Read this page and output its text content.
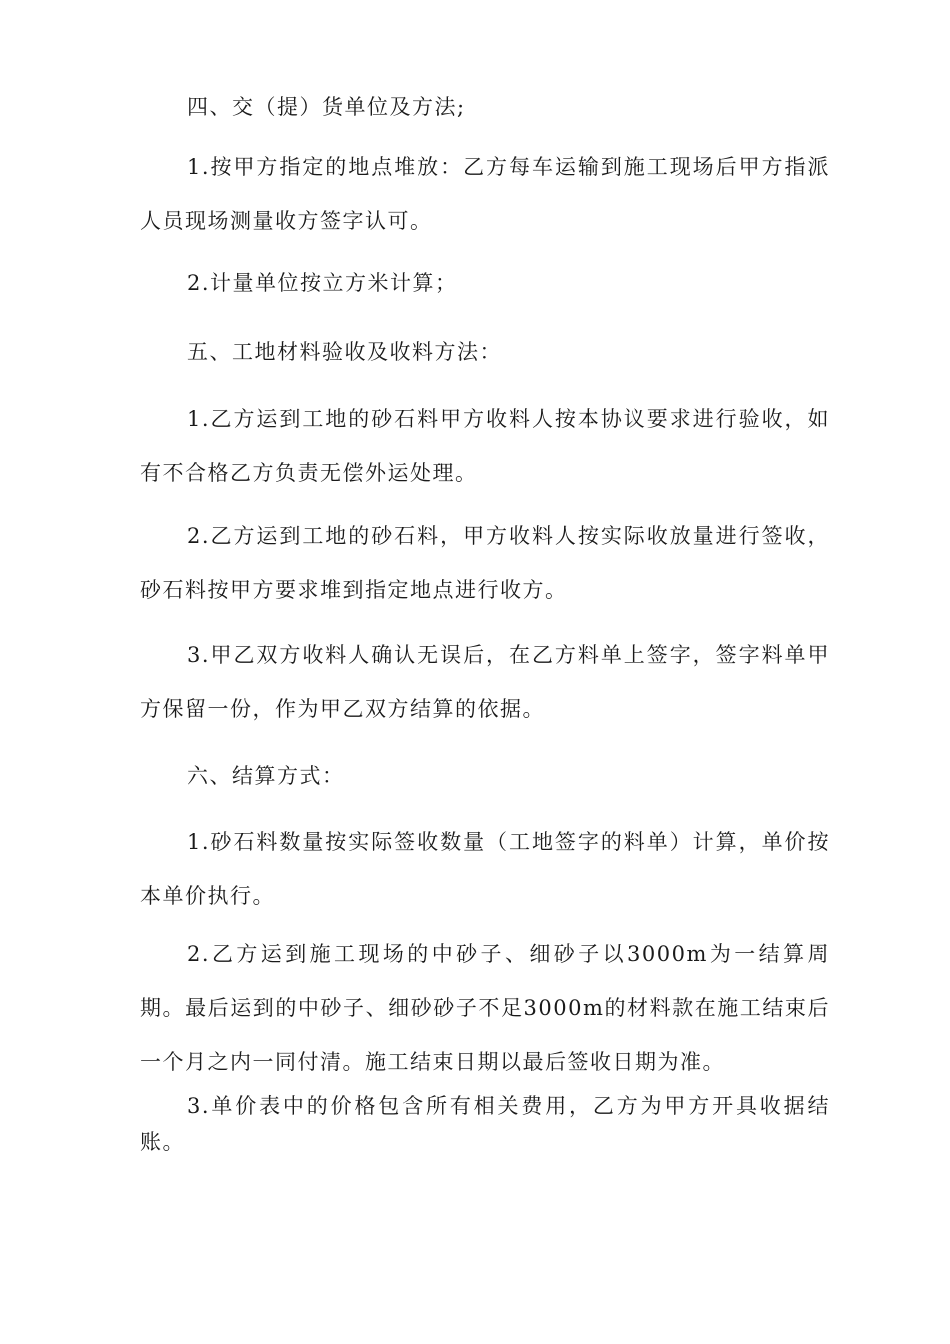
四、交（提）货单位及方法;
1.按甲方指定的地点堆放：乙方每车运输到施工现场后甲方指派人员现场测量收方签字认可。
2.计量单位按立方米计算；
五、工地材料验收及收料方法：
1.乙方运到工地的砂石料甲方收料人按本协议要求进行验收，如有不合格乙方负责无偿外运处理。
2.乙方运到工地的砂石料，甲方收料人按实际收放量进行签收，砂石料按甲方要求堆到指定地点进行收方。
3.甲乙双方收料人确认无误后，在乙方料单上签字，签字料单甲方保留一份，作为甲乙双方结算的依据。
六、结算方式：
1.砂石料数量按实际签收数量（工地签字的料单）计算，单价按本单价执行。
2.乙方运到施工现场的中砂子、细砂子以3000m为一结算周期。最后运到的中砂子、细砂砂子不足3000m的材料款在施工结束后一个月之内一同付清。施工结束日期以最后签收日期为准。
3.单价表中的价格包含所有相关费用，乙方为甲方开具收据结账。
